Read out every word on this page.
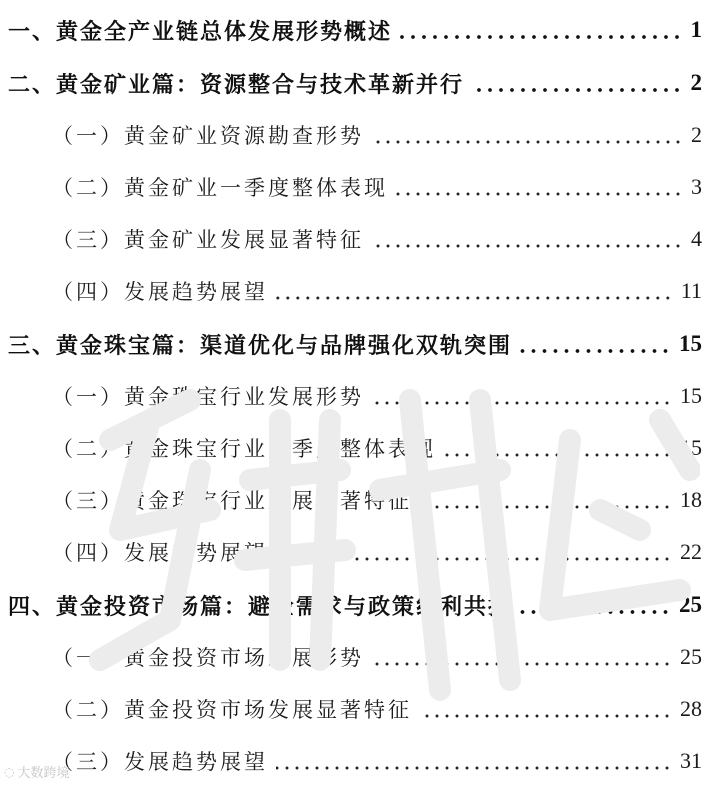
一、黄金全产业链总体发展形势概述	1
二、黄金矿业篇：资源整合与技术革新并行	2
（一）黄金矿业资源勘查形势	2
（二）黄金矿业一季度整体表现	3
（三）黄金矿业发展显著特征	4
（四）发展趋势展望	11
三、黄金珠宝篇：渠道优化与品牌强化双轨突围	15
（一）黄金珠宝行业发展形势	15
（二）黄金珠宝行业一季度整体表现	15
（三）黄金珠宝行业发展显著特征	18
（四）发展趋势展望	22
四、黄金投资市场篇：避险需求与政策红利共振	25
（一）黄金投资市场发展形势	25
（二）黄金投资市场发展显著特征	28
（三）发展趋势展望	31
◌ 大数跨境
